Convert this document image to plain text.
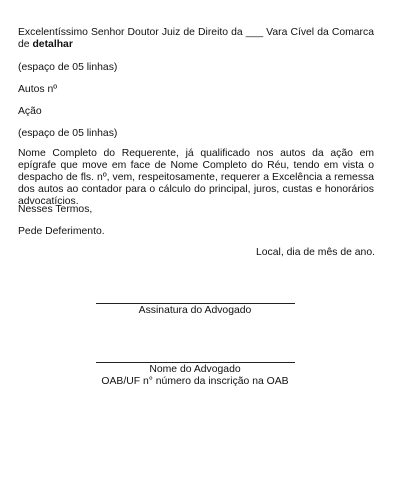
Excelentíssimo Senhor Doutor Juiz de Direito da ___ Vara Cível da Comarca de detalhar

(espaço de 05 linhas)

Autos nº

Ação

(espaço de 05 linhas)

Nome Completo do Requerente, já qualificado nos autos da ação em epígrafe que move em face de Nome Completo do Réu, tendo em vista o despacho de fls. nº, vem, respeitosamente, requerer a Excelência a remessa dos autos ao contador para o cálculo do principal, juros, custas e honorários advocatícios.

Nesses Termos,

Pede Deferimento.

Local, dia de mês de ano.

Assinatura do Advogado

Nome do Advogado

OAB/UF n° número da inscrição na OAB
